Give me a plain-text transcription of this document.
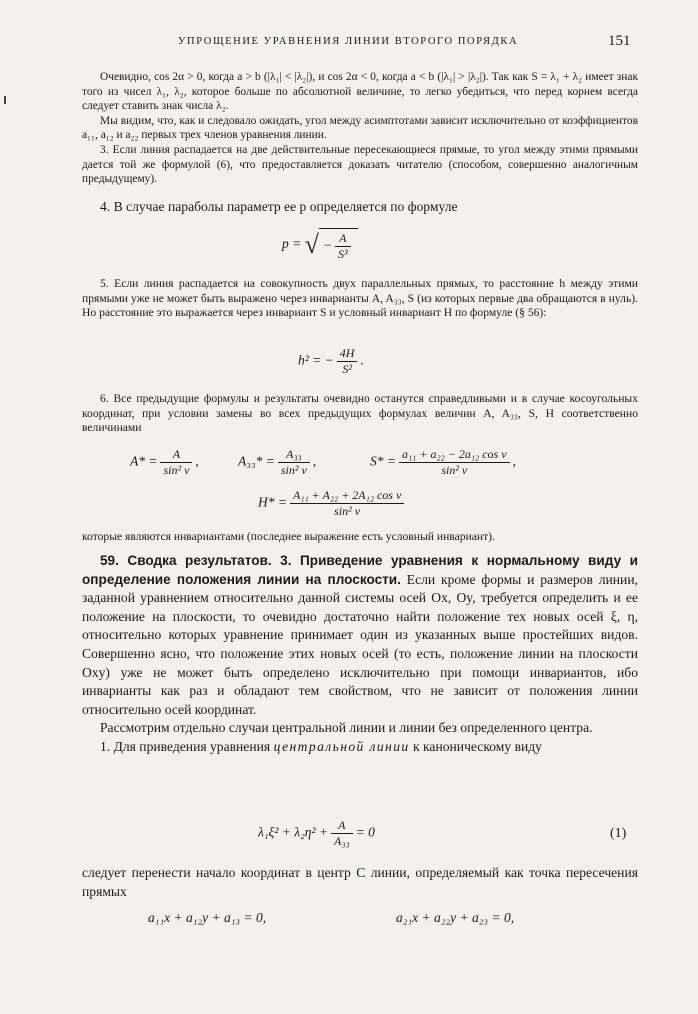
УПРОЩЕНИЕ УРАВНЕНИЯ ЛИНИИ ВТОРОГО ПОРЯДКА	151

Очевидно, cos 2α > 0, когда a > b (|λ₁| < |λ₂|), и cos 2α < 0, когда a < b (|λ₁| > |λ₂|). Так как S = λ₁ + λ₂ имеет знак того из чисел λ₁, λ₂, которое больше по абсолютной величине, то легко убедиться, что перед корнем всегда следует ставить знак числа λ₂.

Мы видим, что, как и следовало ожидать, угол между асимптотами зависит исключительно от коэффициентов a₁₁, a₁₂ и a₂₂ первых трех членов уравнения линии.

3. Если линия распадается на две действительные пересекающиеся прямые, то угол между этими прямыми дается той же формулой (6), что предоставляется доказать читателю (способом, совершенно аналогичным предыдущему).

4. В случае параболы параметр ее p определяется по формуле

p = √ − $\frac{A}{\text{S³}}$

5. Если линия распадается на совокупность двух параллельных прямых, то расстояние h между этими прямыми уже не может быть выражено через инварианты A, A₃₃, S (из которых первые два обращаются в нуль). Но расстояние это выражается через инвариант S и условный инвариант H по формуле (§ 56):

h² = − $\frac{4H}{\text{S²}}$ .

6. Все предыдущие формулы и результаты очевидно останутся справедливыми и в случае косоугольных координат, при условии замены во всех предыдущих формулах величин A, A₃₃, S, H соответственно величинами

$A* = \frac{A}{\text{sin² ν}}$ ,	$A_{33}* = \frac{\text{A₃₃}}{\text{sin² ν}}$ ,	$S* = \frac{\text{a₁₁ + a₂₂ − 2a₁₂ cos ν}}{\text{sin² ν}}$ ,
$H* = \frac{\text{A₁₁ + A₂₂ + 2A₁₂ cos ν}}{\text{sin² ν}}$

которые являются инвариантами (последнее выражение есть условный инвариант).

59. Сводка результатов. 3. Приведение уравнения к нормальному виду и определение положения линии на плоскости. Если кроме формы и размеров линии, заданной уравнением относительно данной системы осей Ox, Oy, требуется определить и ее положение на плоскости, то очевидно достаточно найти положение тех новых осей ξ, η, относительно которых уравнение принимает один из указанных выше простейших видов. Совершенно ясно, что положение этих новых осей (то есть, положение линии на плоскости Oxy) уже не может быть определено исключительно при помощи инвариантов, ибо инварианты как раз и обладают тем свойством, что не зависит от положения линии относительно осей координат.

Рассмотрим отдельно случаи центральной линии и линии без определенного центра.

1. Для приведения уравнения центральной линии к каноническому виду

$\lambda_1\xi^2 + \lambda_2\eta^2 + \frac{A}{\text{A₃₃}} = 0$	(1)

следует перенести начало координат в центр C линии, определяемый как точка пересечения прямых

a₁₁x + a₁₂y + a₁₃ = 0,	a₂₁x + a₂₂y + a₂₃ = 0,
